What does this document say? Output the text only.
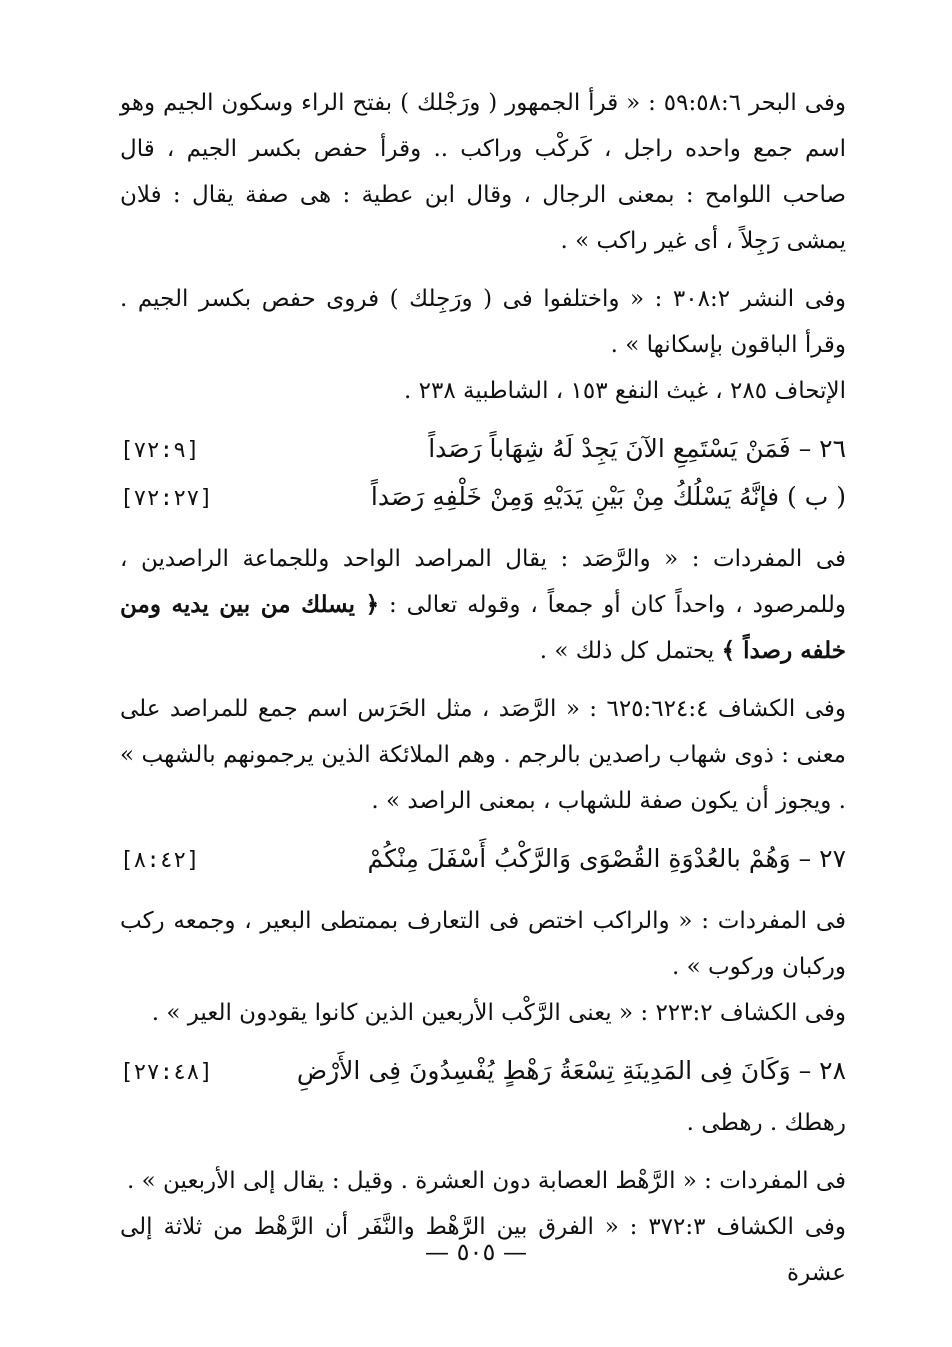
وفى البحر ٥٩:٥٨:٦ : « قرأ الجمهور ( ورَجْلك ) بفتح الراء وسكون الجيم وهو اسم جمع واحده راجل ، كَركْب وراكب .. وقرأ حفص بكسر الجيم ، قال صاحب اللوامح : بمعنى الرجال ، وقال ابن عطية : هى صفة يقال : فلان يمشى رَجِلاً ، أى غير راكب » .

وفى النشر ٣٠٨:٢ : « واختلفوا فى ( ورَجِلك ) فروى حفص بكسر الجيم . وقرأ الباقون بإسكانها » .

الإتحاف ٢٨٥ ، غيث النفع ١٥٣ ، الشاطبية ٢٣٨ .

٢٦ – فَمَنْ يَسْتَمِعِ الآنَ يَجِدْ لَهُ شِهَاباً رَصَداً
[٧٢:٩]
( ب ) فإنَّهُ يَسْلُكُ مِنْ بَيْنِ يَدَيْهِ وَمِنْ خَلْفِهِ رَصَداً
[٧٢:٢٧]

فى المفردات : « والرَّصَد : يقال المراصد الواحد وللجماعة الراصدين ، وللمرصود ، واحداً كان أو جمعاً ، وقوله تعالى : ﴿ يسلك من بين يديه ومن خلفه رصداً ﴾ يحتمل كل ذلك » .

وفى الكشاف ٦٢٥:٦٢٤:٤ : « الرَّصَد ، مثل الحَرَس اسم جمع للمراصد على معنى : ذوى شهاب راصدين بالرجم . وهم الملائكة الذين يرجمونهم بالشهب » . ويجوز أن يكون صفة للشهاب ، بمعنى الراصد » .

٢٧ – وَهُمْ بالعُدْوَةِ القُصْوَى وَالرَّكْبُ أَسْفَلَ مِنْكُمْ
[٨:٤٢]

فى المفردات : « والراكب اختص فى التعارف بممتطى البعير ، وجمعه ركب وركبان وركوب » .

وفى الكشاف ٢٢٣:٢ : « يعنى الرَّكْب الأربعين الذين كانوا يقودون العير » .

٢٨ – وَكَانَ فِى المَدِينَةِ تِسْعَةُ رَهْطٍ يُفْسِدُونَ فِى الأَرْضِ
[٢٧:٤٨]

رهطك . رهطى .

فى المفردات : « الرَّهْط العصابة دون العشرة . وقيل : يقال إلى الأربعين » .

وفى الكشاف ٣٧٢:٣ : « الفرق بين الرَّهْط والنَّفَر أن الرَّهْط من ثلاثة إلى عشرة

— ٥٠٥ —
